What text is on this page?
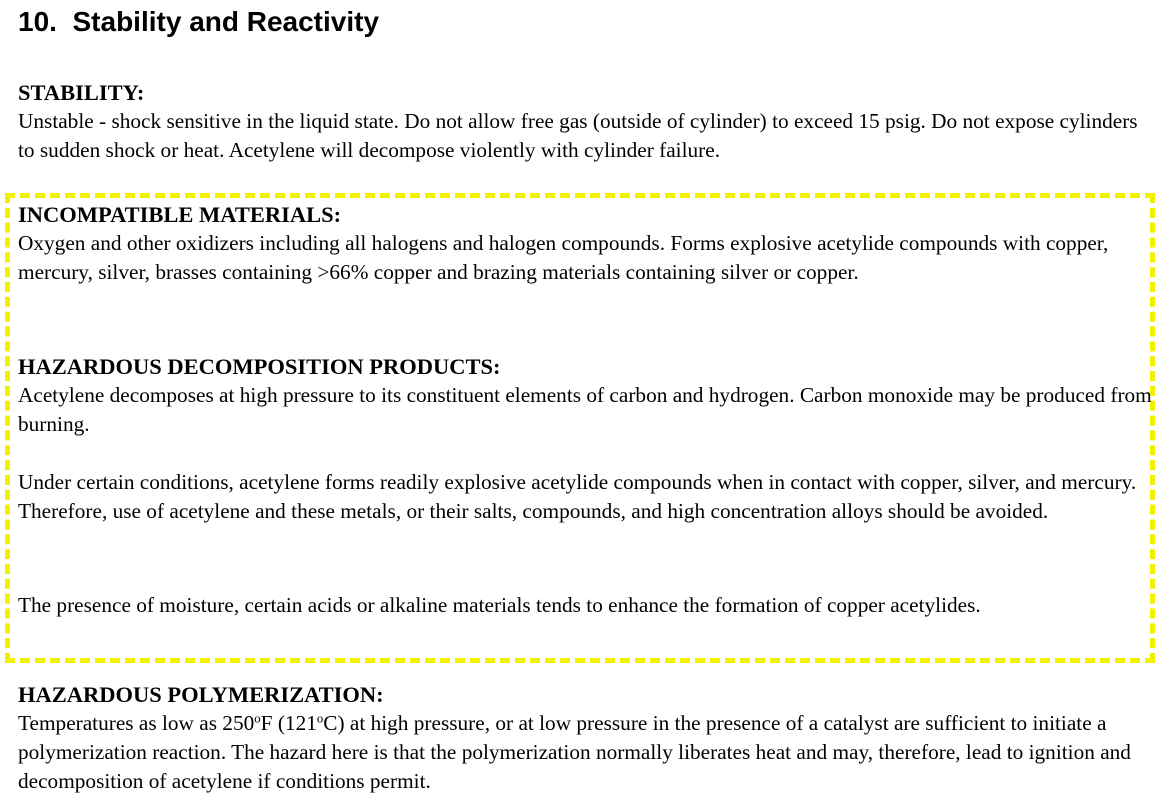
10. Stability and Reactivity

STABILITY:

Unstable - shock sensitive in the liquid state. Do not allow free gas (outside of cylinder) to exceed 15 psig. Do not expose cylinders to sudden shock or heat. Acetylene will decompose violently with cylinder failure.

INCOMPATIBLE MATERIALS:

Oxygen and other oxidizers including all halogens and halogen compounds. Forms explosive acetylide compounds with copper, mercury, silver, brasses containing >66% copper and brazing materials containing silver or copper.

HAZARDOUS DECOMPOSITION PRODUCTS:

Acetylene decomposes at high pressure to its constituent elements of carbon and hydrogen. Carbon monoxide may be produced from burning.

Under certain conditions, acetylene forms readily explosive acetylide compounds when in contact with copper, silver, and mercury. Therefore, use of acetylene and these metals, or their salts, compounds, and high concentration alloys should be avoided.

The presence of moisture, certain acids or alkaline materials tends to enhance the formation of copper acetylides.

HAZARDOUS POLYMERIZATION:

Temperatures as low as 250$^o$F (121$^o$C) at high pressure, or at low pressure in the presence of a catalyst are sufficient to initiate a polymerization reaction. The hazard here is that the polymerization normally liberates heat and may, therefore, lead to ignition and decomposition of acetylene if conditions permit.
